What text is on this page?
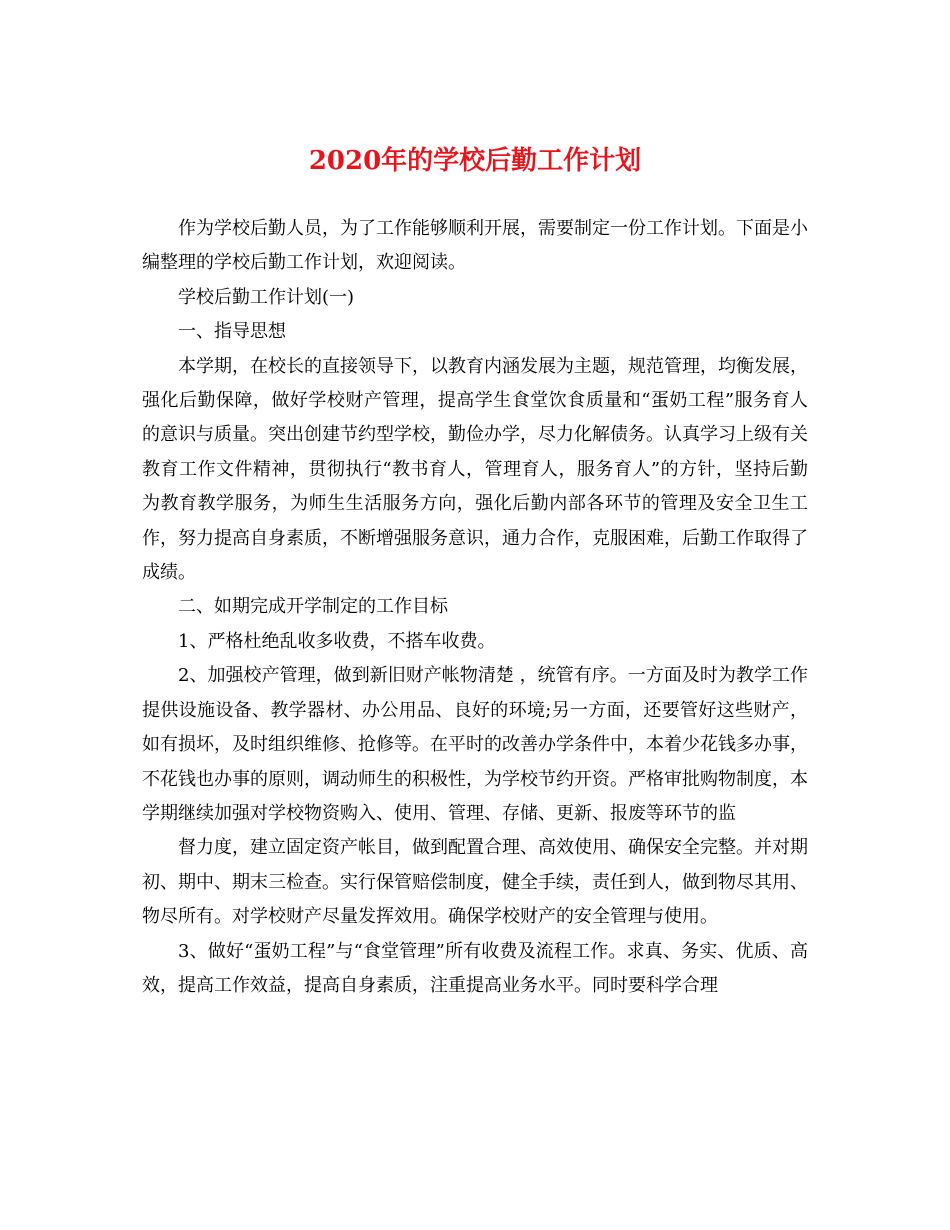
2020年的学校后勤工作计划

作为学校后勤人员，为了工作能够顺利开展，需要制定一份工作计划。下面是小编整理的学校后勤工作计划，欢迎阅读。

学校后勤工作计划(一)

一、指导思想

本学期，在校长的直接领导下，以教育内涵发展为主题，规范管理，均衡发展，强化后勤保障，做好学校财产管理，提高学生食堂饮食质量和“蛋奶工程”服务育人的意识与质量。突出创建节约型学校，勤俭办学，尽力化解债务。认真学习上级有关教育工作文件精神，贯彻执行“教书育人，管理育人，服务育人”的方针，坚持后勤为教育教学服务，为师生生活服务方向，强化后勤内部各环节的管理及安全卫生工作，努力提高自身素质，不断增强服务意识，通力合作，克服困难，后勤工作取得了成绩。

二、如期完成开学制定的工作目标

1、严格杜绝乱收多收费，不搭车收费。

2、加强校产管理，做到新旧财产帐物清楚 ，统管有序。一方面及时为教学工作提供设施设备、教学器材、办公用品、良好的环境;另一方面，还要管好这些财产，如有损坏，及时组织维修、抢修等。在平时的改善办学条件中，本着少花钱多办事，不花钱也办事的原则，调动师生的积极性，为学校节约开资。严格审批购物制度，本学期继续加强对学校物资购入、使用、管理、存储、更新、报废等环节的监

督力度，建立固定资产帐目，做到配置合理、高效使用、确保安全完整。并对期初、期中、期末三检查。实行保管赔偿制度，健全手续，责任到人，做到物尽其用、物尽所有。对学校财产尽量发挥效用。确保学校财产的安全管理与使用。

3、做好“蛋奶工程”与“食堂管理”所有收费及流程工作。求真、务实、优质、高效，提高工作效益，提高自身素质，注重提高业务水平。同时要科学合理
